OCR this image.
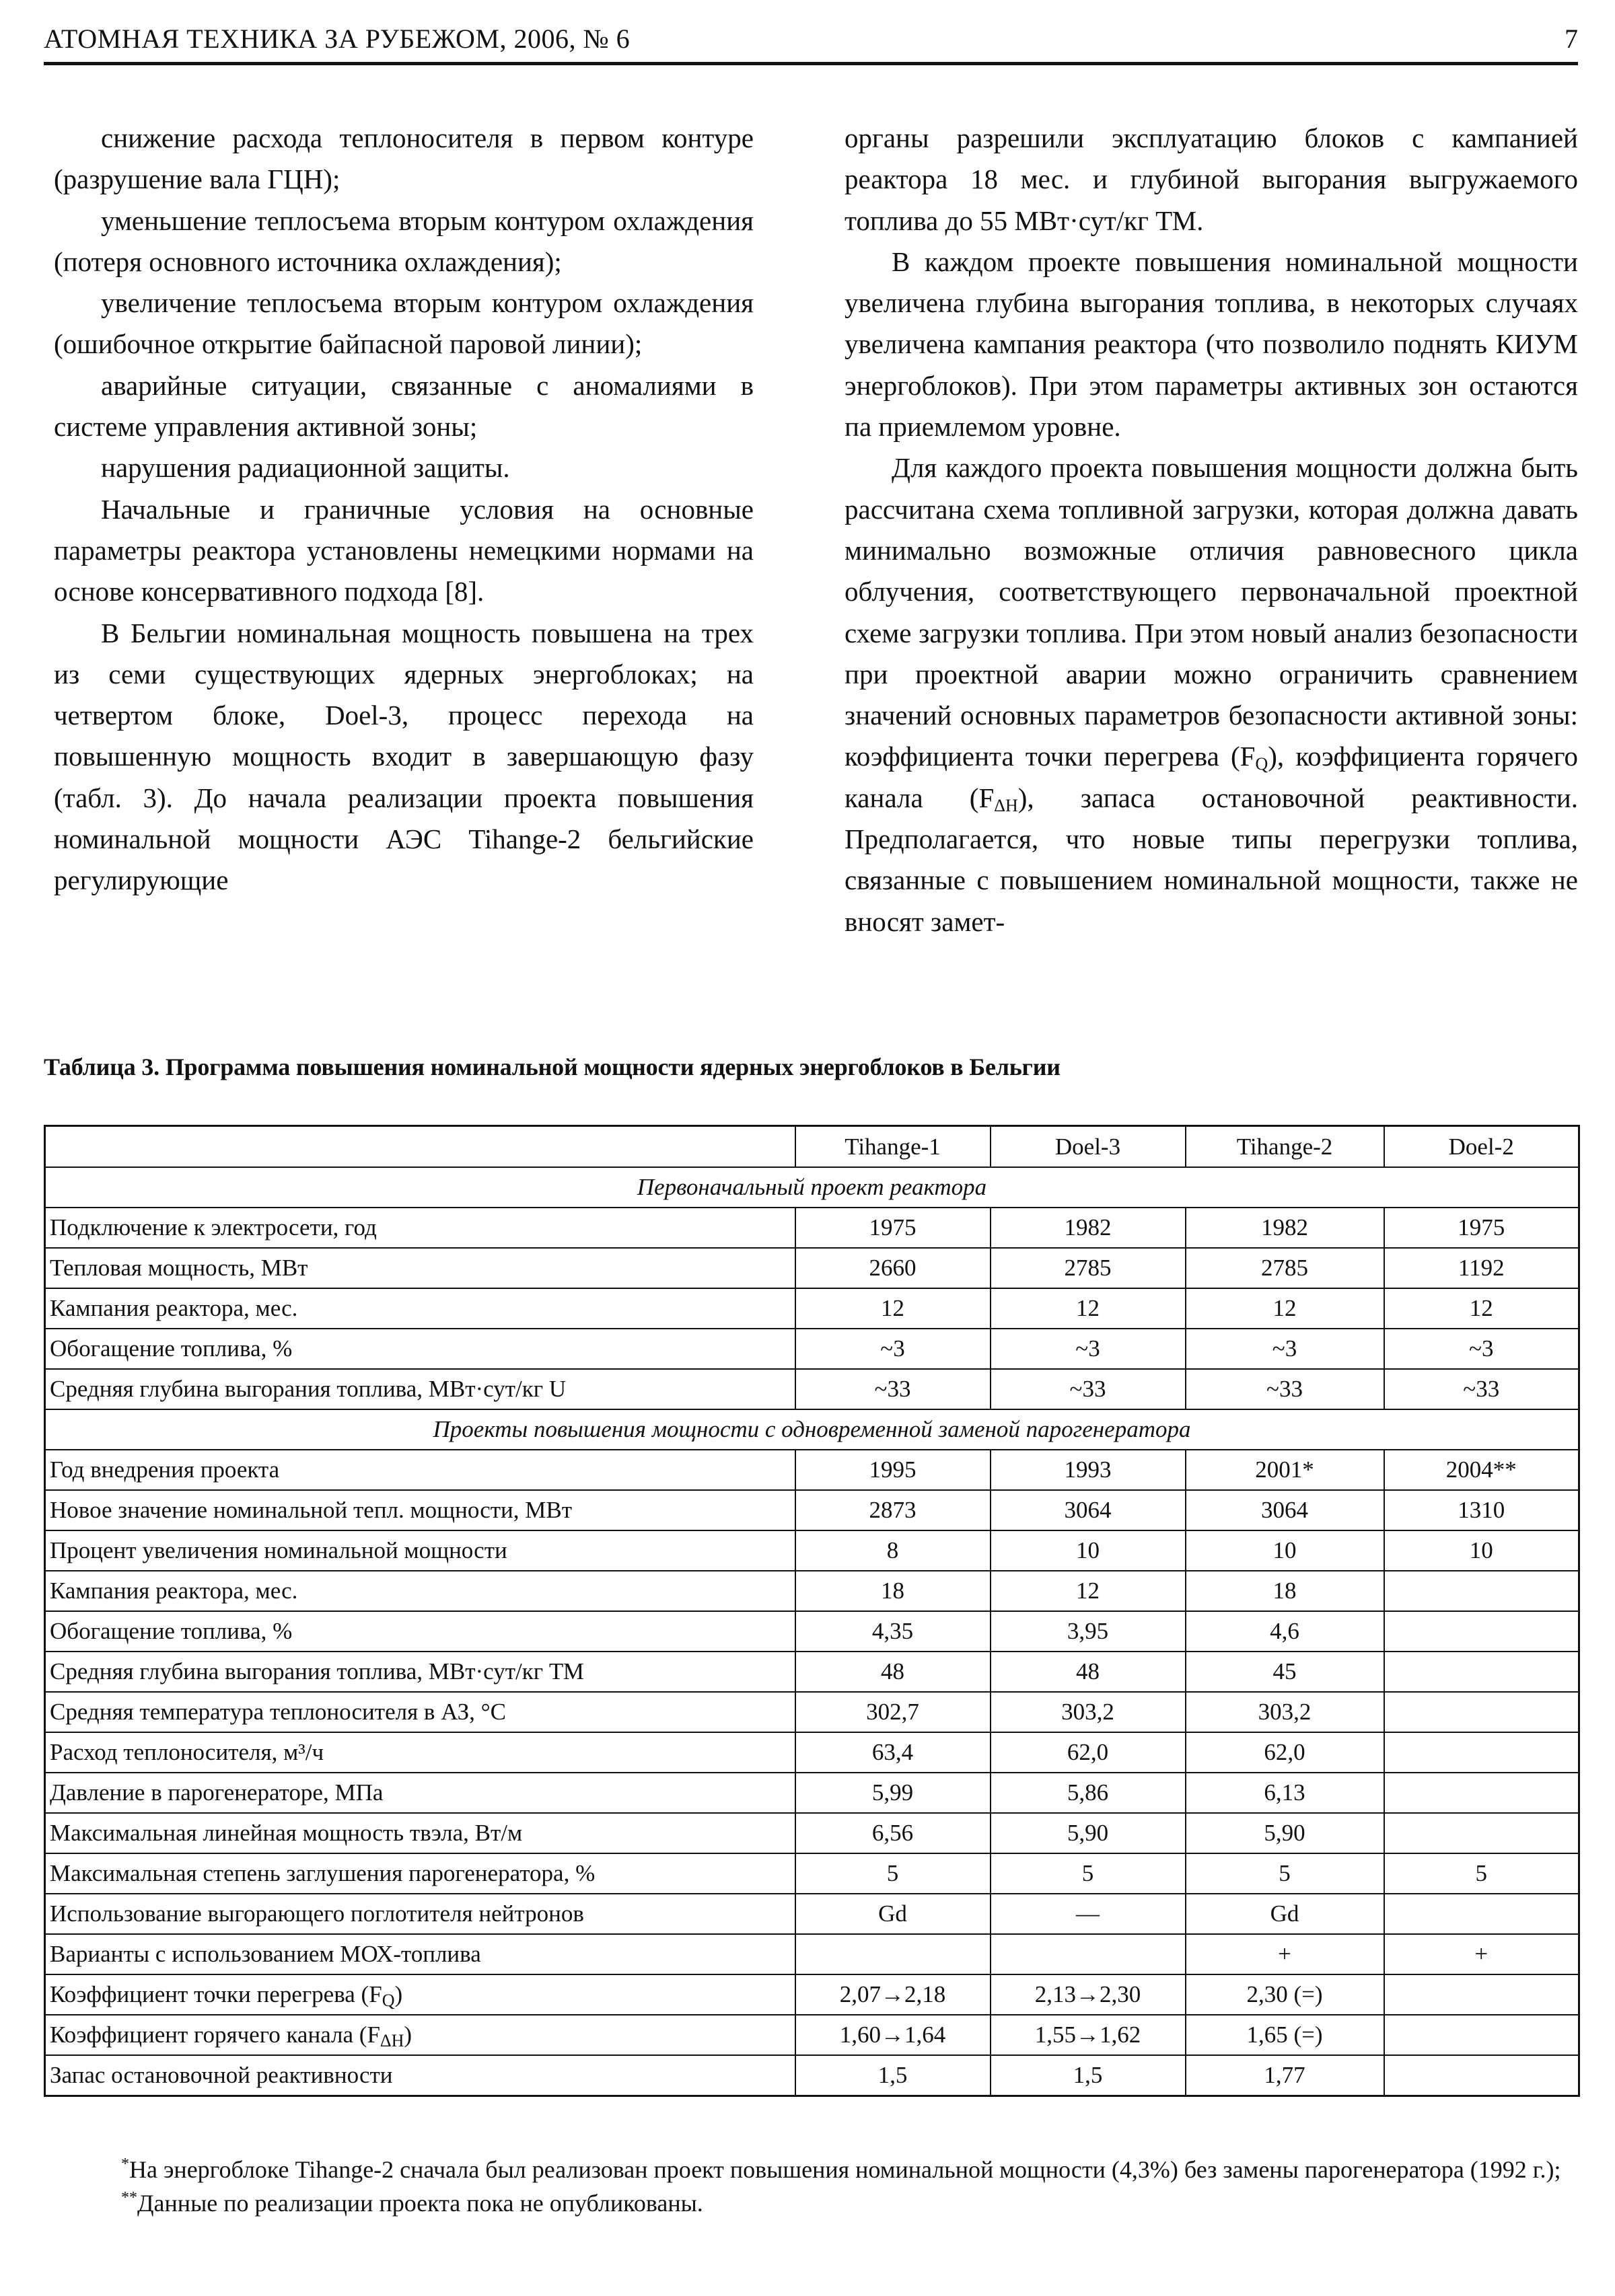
АТОМНАЯ ТЕХНИКА ЗА РУБЕЖОМ, 2006, № 6	7

снижение расхода теплоносителя в первом контуре (разрушение вала ГЦН);

уменьшение теплосъема вторым контуром охлаждения (потеря основного источника охлаждения);

увеличение теплосъема вторым контуром охлаждения (ошибочное открытие байпасной паровой линии);

аварийные ситуации, связанные с аномалиями в системе управления активной зоны;

нарушения радиационной защиты.

Начальные и граничные условия на основные параметры реактора установлены немецкими нормами на основе консервативного подхода [8].

В Бельгии номинальная мощность повышена на трех из семи существующих ядерных энергоблоках; на четвертом блоке, Doel-3, процесс перехода на повышенную мощность входит в завершающую фазу (табл. 3). До начала реализации проекта повышения номинальной мощности АЭС Tihange-2 бельгийские регулирующие

органы разрешили эксплуатацию блоков с кампанией реактора 18 мес. и глубиной выгорания выгружаемого топлива до 55 МВт·сут/кг ТМ.

В каждом проекте повышения номинальной мощности увеличена глубина выгорания топлива, в некоторых случаях увеличена кампания реактора (что позволило поднять КИУМ энергоблоков). При этом параметры активных зон остаются па приемлемом уровне.

Для каждого проекта повышения мощности должна быть рассчитана схема топливной загрузки, которая должна давать минимально возможные отличия равновесного цикла облучения, соответствующего первоначальной проектной схеме загрузки топлива. При этом новый анализ безопасности при проектной аварии можно ограничить сравнением значений основных параметров безопасности активной зоны: коэффициента точки перегрева $(F_Q)$, коэффициента горячего канала $(F_{\Delta H})$, запаса остановочной реактивности. Предполагается, что новые типы перегрузки топлива, связанные с повышением номинальной мощности, также не вносят замет-

Таблица 3. Программа повышения номинальной мощности ядерных энергоблоков в Бельгии
	Tihange-1	Doel-3	Tihange-2	Doel-2
Первоначальный проект реактора				
Подключение к электросети, год	1975	1982	1982	1975
Тепловая мощность, МВт	2660	2785	2785	1192
Кампания реактора, мес.	12	12	12	12
Обогащение топлива, %	~3	~3	~3	~3
Средняя глубина выгорания топлива, МВт·сут/кг U	~33	~33	~33	~33
Проекты повышения мощности с одновременной заменой парогенератора				
Год внедрения проекта	1995	1993	2001*	2004**
Новое значение номинальной тепл. мощности, МВт	2873	3064	3064	1310
Процент увеличения номинальной мощности	8	10	10	10
Кампания реактора, мес.	18	12	18	
Обогащение топлива, %	4,35	3,95	4,6	
Средняя глубина выгорания топлива, МВт·сут/кг ТМ	48	48	45	
Средняя температура теплоносителя в АЗ, °С	302,7	303,2	303,2	
Расход теплоносителя, м³/ч	63,4	62,0	62,0	
Давление в парогенераторе, МПа	5,99	5,86	6,13	
Максимальная линейная мощность твэла, Вт/м	6,56	5,90	5,90	
Максимальная степень заглушения парогенератора, %	5	5	5	5
Использование выгорающего поглотителя нейтронов	Gd	—	Gd	
Варианты с использованием МОХ-топлива			+	+
Коэффициент точки перегрева $(F_Q)$	2,07→2,18	2,13→2,30	2,30 (=)	
Коэффициент горячего канала $(F_{\Delta H})$	1,60→1,64	1,55→1,62	1,65 (=)	
Запас остановочной реактивности	1,5	1,5	1,77	

*На энергоблоке Tihange-2 сначала был реализован проект повышения номинальной мощности (4,3%) без замены парогенератора (1992 г.);

**Данные по реализации проекта пока не опубликованы.
